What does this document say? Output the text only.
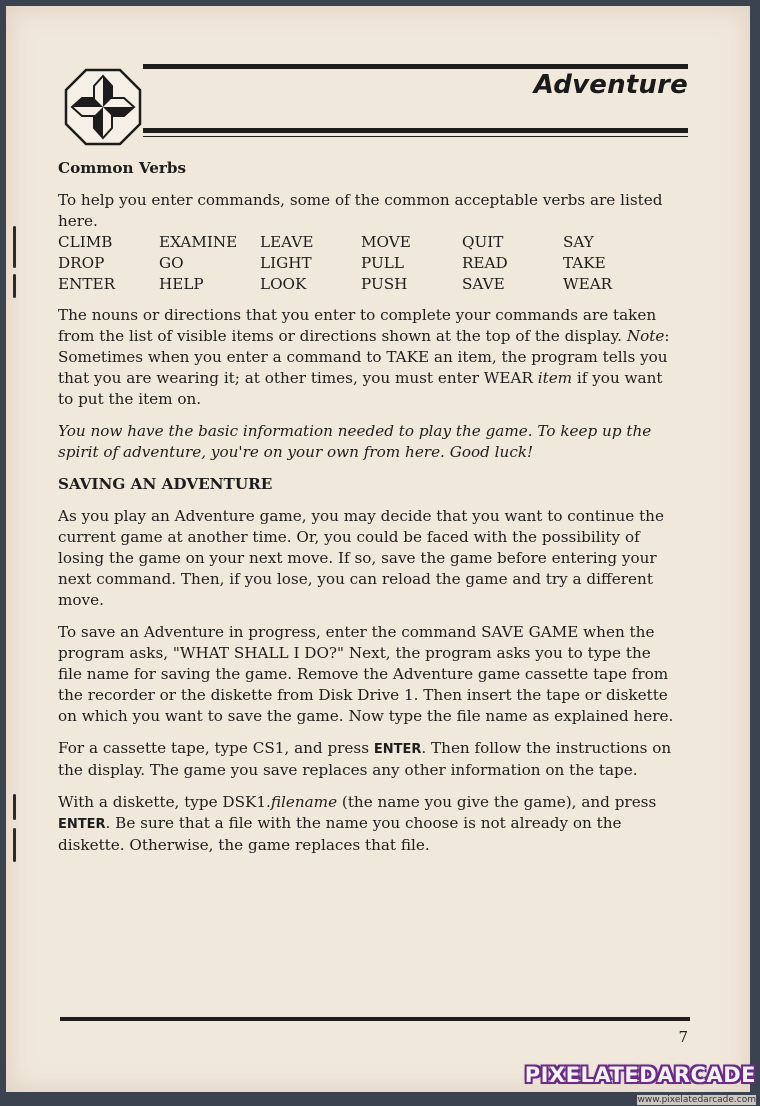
Adventure

Common Verbs

To help you enter commands, some of the common acceptable verbs are listed here.

CLIMB	EXAMINE	LEAVE	MOVE	QUIT	SAY
DROP	GO	LIGHT	PULL	READ	TAKE
ENTER	HELP	LOOK	PUSH	SAVE	WEAR

The nouns or directions that you enter to complete your commands are taken from the list of visible items or directions shown at the top of the display. Note: Sometimes when you enter a command to TAKE an item, the program tells you that you are wearing it; at other times, you must enter WEAR item if you want to put the item on.

You now have the basic information needed to play the game. To keep up the spirit of adventure, you're on your own from here. Good luck!

SAVING AN ADVENTURE

As you play an Adventure game, you may decide that you want to continue the current game at another time. Or, you could be faced with the possibility of losing the game on your next move. If so, save the game before entering your next command. Then, if you lose, you can reload the game and try a different move.

To save an Adventure in progress, enter the command SAVE GAME when the program asks, "WHAT SHALL I DO?" Next, the program asks you to type the file name for saving the game. Remove the Adventure game cassette tape from the recorder or the diskette from Disk Drive 1. Then insert the tape or diskette on which you want to save the game. Now type the file name as explained here.

For a cassette tape, type CS1, and press ENTER. Then follow the instructions on the display. The game you save replaces any other information on the tape.

With a diskette, type DSK1.filename (the name you give the game), and press ENTER. Be sure that a file with the name you choose is not already on the diskette. Otherwise, the game replaces that file.

7
PIXELATEDARCADE
www.pixelatedarcade.com
